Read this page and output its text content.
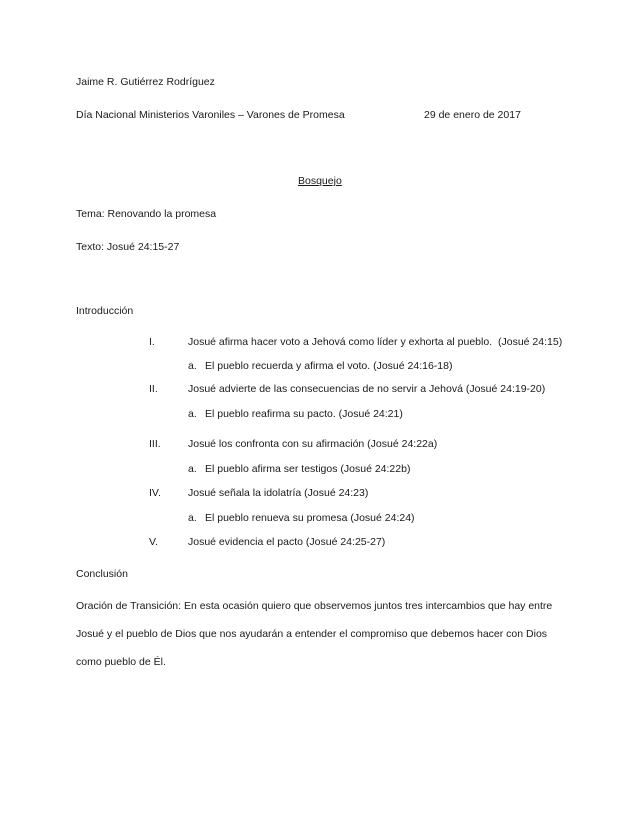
Jaime R. Gutiérrez Rodríguez
Día Nacional Ministerios Varoniles – Varones de Promesa	29 de enero de 2017
Bosquejo
Tema: Renovando la promesa
Texto: Josué 24:15-27
Introducción
I.	Josué afirma hacer voto a Jehová como líder y exhorta al pueblo. (Josué 24:15)
a. El pueblo recuerda y afirma el voto. (Josué 24:16-18)
II.	Josué advierte de las consecuencias de no servir a Jehová (Josué 24:19-20)
a. El pueblo reafirma su pacto. (Josué 24:21)
III.	Josué los confronta con su afirmación (Josué 24:22a)
a. El pueblo afirma ser testigos (Josué 24:22b)
IV.	Josué señala la idolatría (Josué 24:23)
a. El pueblo renueva su promesa (Josué 24:24)
V.	Josué evidencia el pacto (Josué 24:25-27)
Conclusión
Oración de Transición: En esta ocasión quiero que observemos juntos tres intercambios que hay entre
Josué y el pueblo de Dios que nos ayudarán a entender el compromiso que debemos hacer con Dios
como pueblo de Él.
